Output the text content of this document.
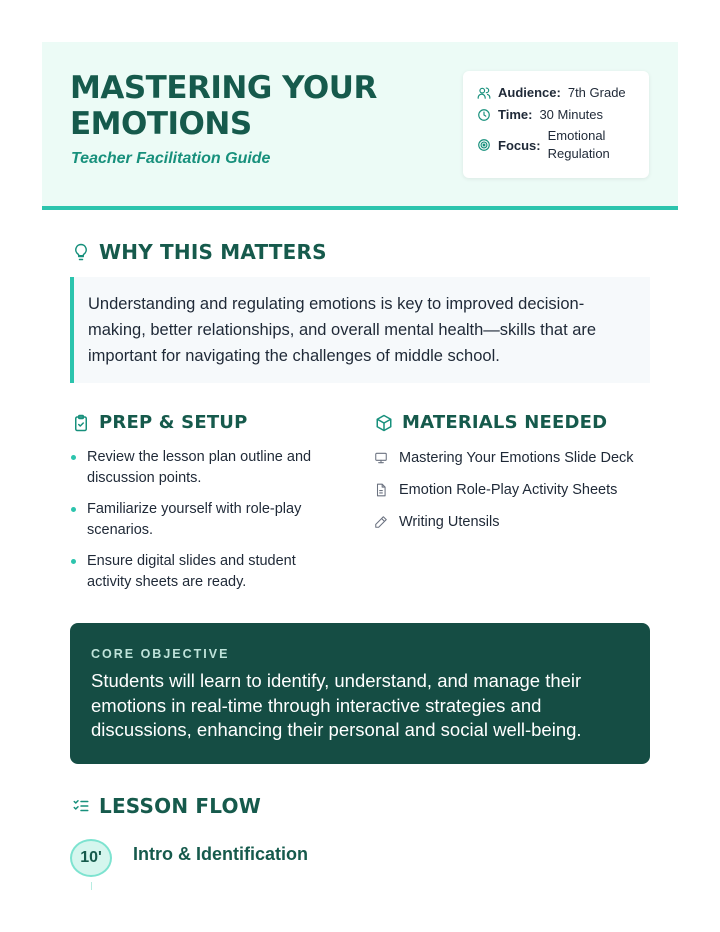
MASTERING YOUR EMOTIONS
Teacher Facilitation Guide
Audience: 7th Grade
Time: 30 Minutes
Focus:
Emotional
Regulation
WHY THIS MATTERS
Understanding and regulating emotions is key to improved decision-making, better relationships, and overall mental health—skills that are important for navigating the challenges of middle school.
PREP & SETUP
Review the lesson plan outline and discussion points.
Familiarize yourself with role-play scenarios.
Ensure digital slides and student activity sheets are ready.
MATERIALS NEEDED
Mastering Your Emotions Slide Deck
Emotion Role-Play Activity Sheets
Writing Utensils
CORE OBJECTIVE
Students will learn to identify, understand, and manage their emotions in real-time through interactive strategies and discussions, enhancing their personal and social well-being.
LESSON FLOW
10'	Intro & Identification
